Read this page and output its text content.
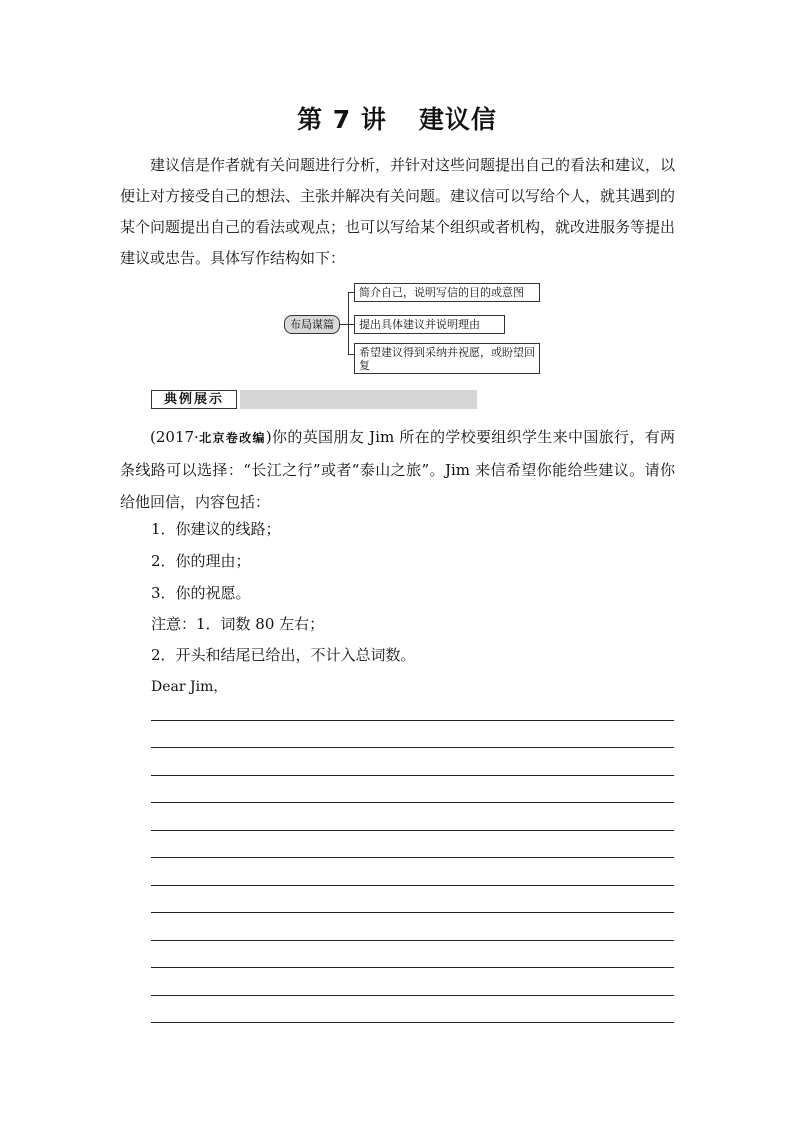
第 7 讲 建议信
建议信是作者就有关问题进行分析，并针对这些问题提出自己的看法和建议，以便让对方接受自己的想法、主张并解决有关问题。建议信可以写给个人，就其遇到的某个问题提出自己的看法或观点；也可以写给某个组织或者机构，就改进服务等提出建议或忠告。具体写作结构如下：
布局谋篇
简介自己，说明写信的目的或意图
提出具体建议并说明理由
希望建议得到采纳并祝愿，或盼望回复
典例展示
(2017·北京卷改编)你的英国朋友 Jim 所在的学校要组织学生来中国旅行，有两条线路可以选择：“长江之行”或者“泰山之旅”。Jim 来信希望你能给些建议。请你给他回信，内容包括：
1．你建议的线路；
2．你的理由；
3．你的祝愿。
注意：1．词数 80 左右；
2．开头和结尾已给出，不计入总词数。
Dear Jim，
